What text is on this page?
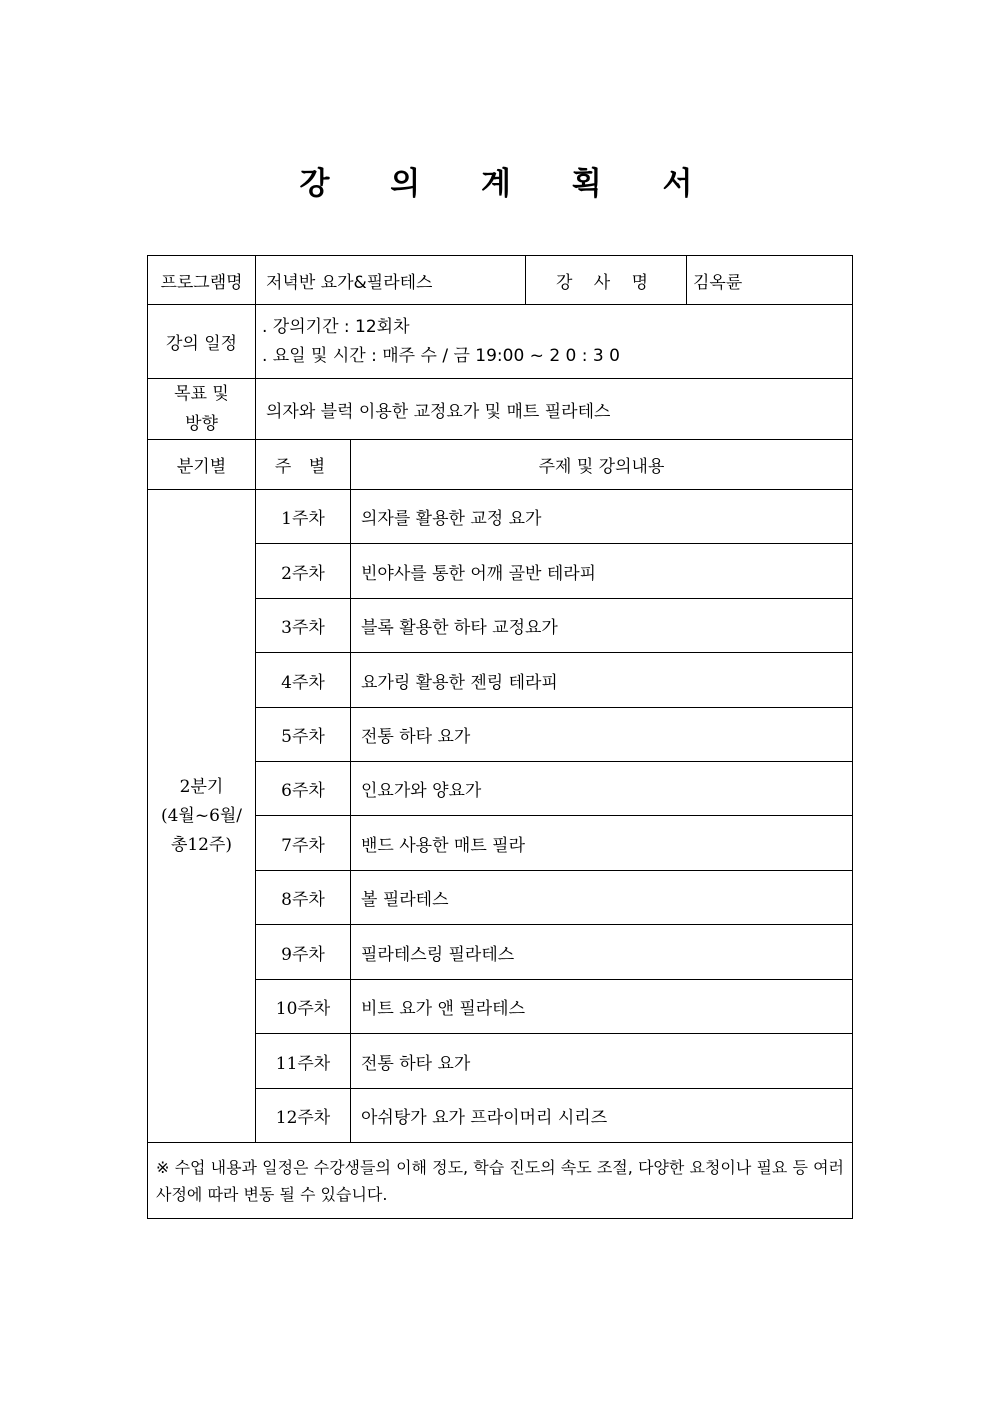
강 의 계 획 서
프로그램명	저녁반 요가&필라테스		강 사 명	김옥륜
강의 일정	. 강의기간 : 12회차
. 요일 및 시간 : 매주 수 / 금 19:00 ~ 2 0 : 3 0			

목표 및
방향	의자와 블럭 이용한 교정요가 및 매트 필라테스			
분기별	주 별	주제 및 강의내용		

2분기
(4월~6월/
총12주)	1주차	의자를 활용한 교정 요가		
	2주차	빈야사를 통한 어깨 골반 테라피		
	3주차	블록 활용한 하타 교정요가		
	4주차	요가링 활용한 젠링 테라피		
	5주차	전통 하타 요가		
	6주차	인요가와 양요가		
	7주차	밴드 사용한 매트 필라		
	8주차	볼 필라테스		
	9주차	필라테스링 필라테스		
	10주차	비트 요가 앤 필라테스		
	11주차	전통 하타 요가		
	12주차	아쉬탕가 요가 프라이머리 시리즈		
※ 수업 내용과 일정은 수강생들의 이해 정도, 학습 진도의 속도 조절, 다양한 요청이나 필요 등 여러 사정에 따라 변동 될 수 있습니다.				
